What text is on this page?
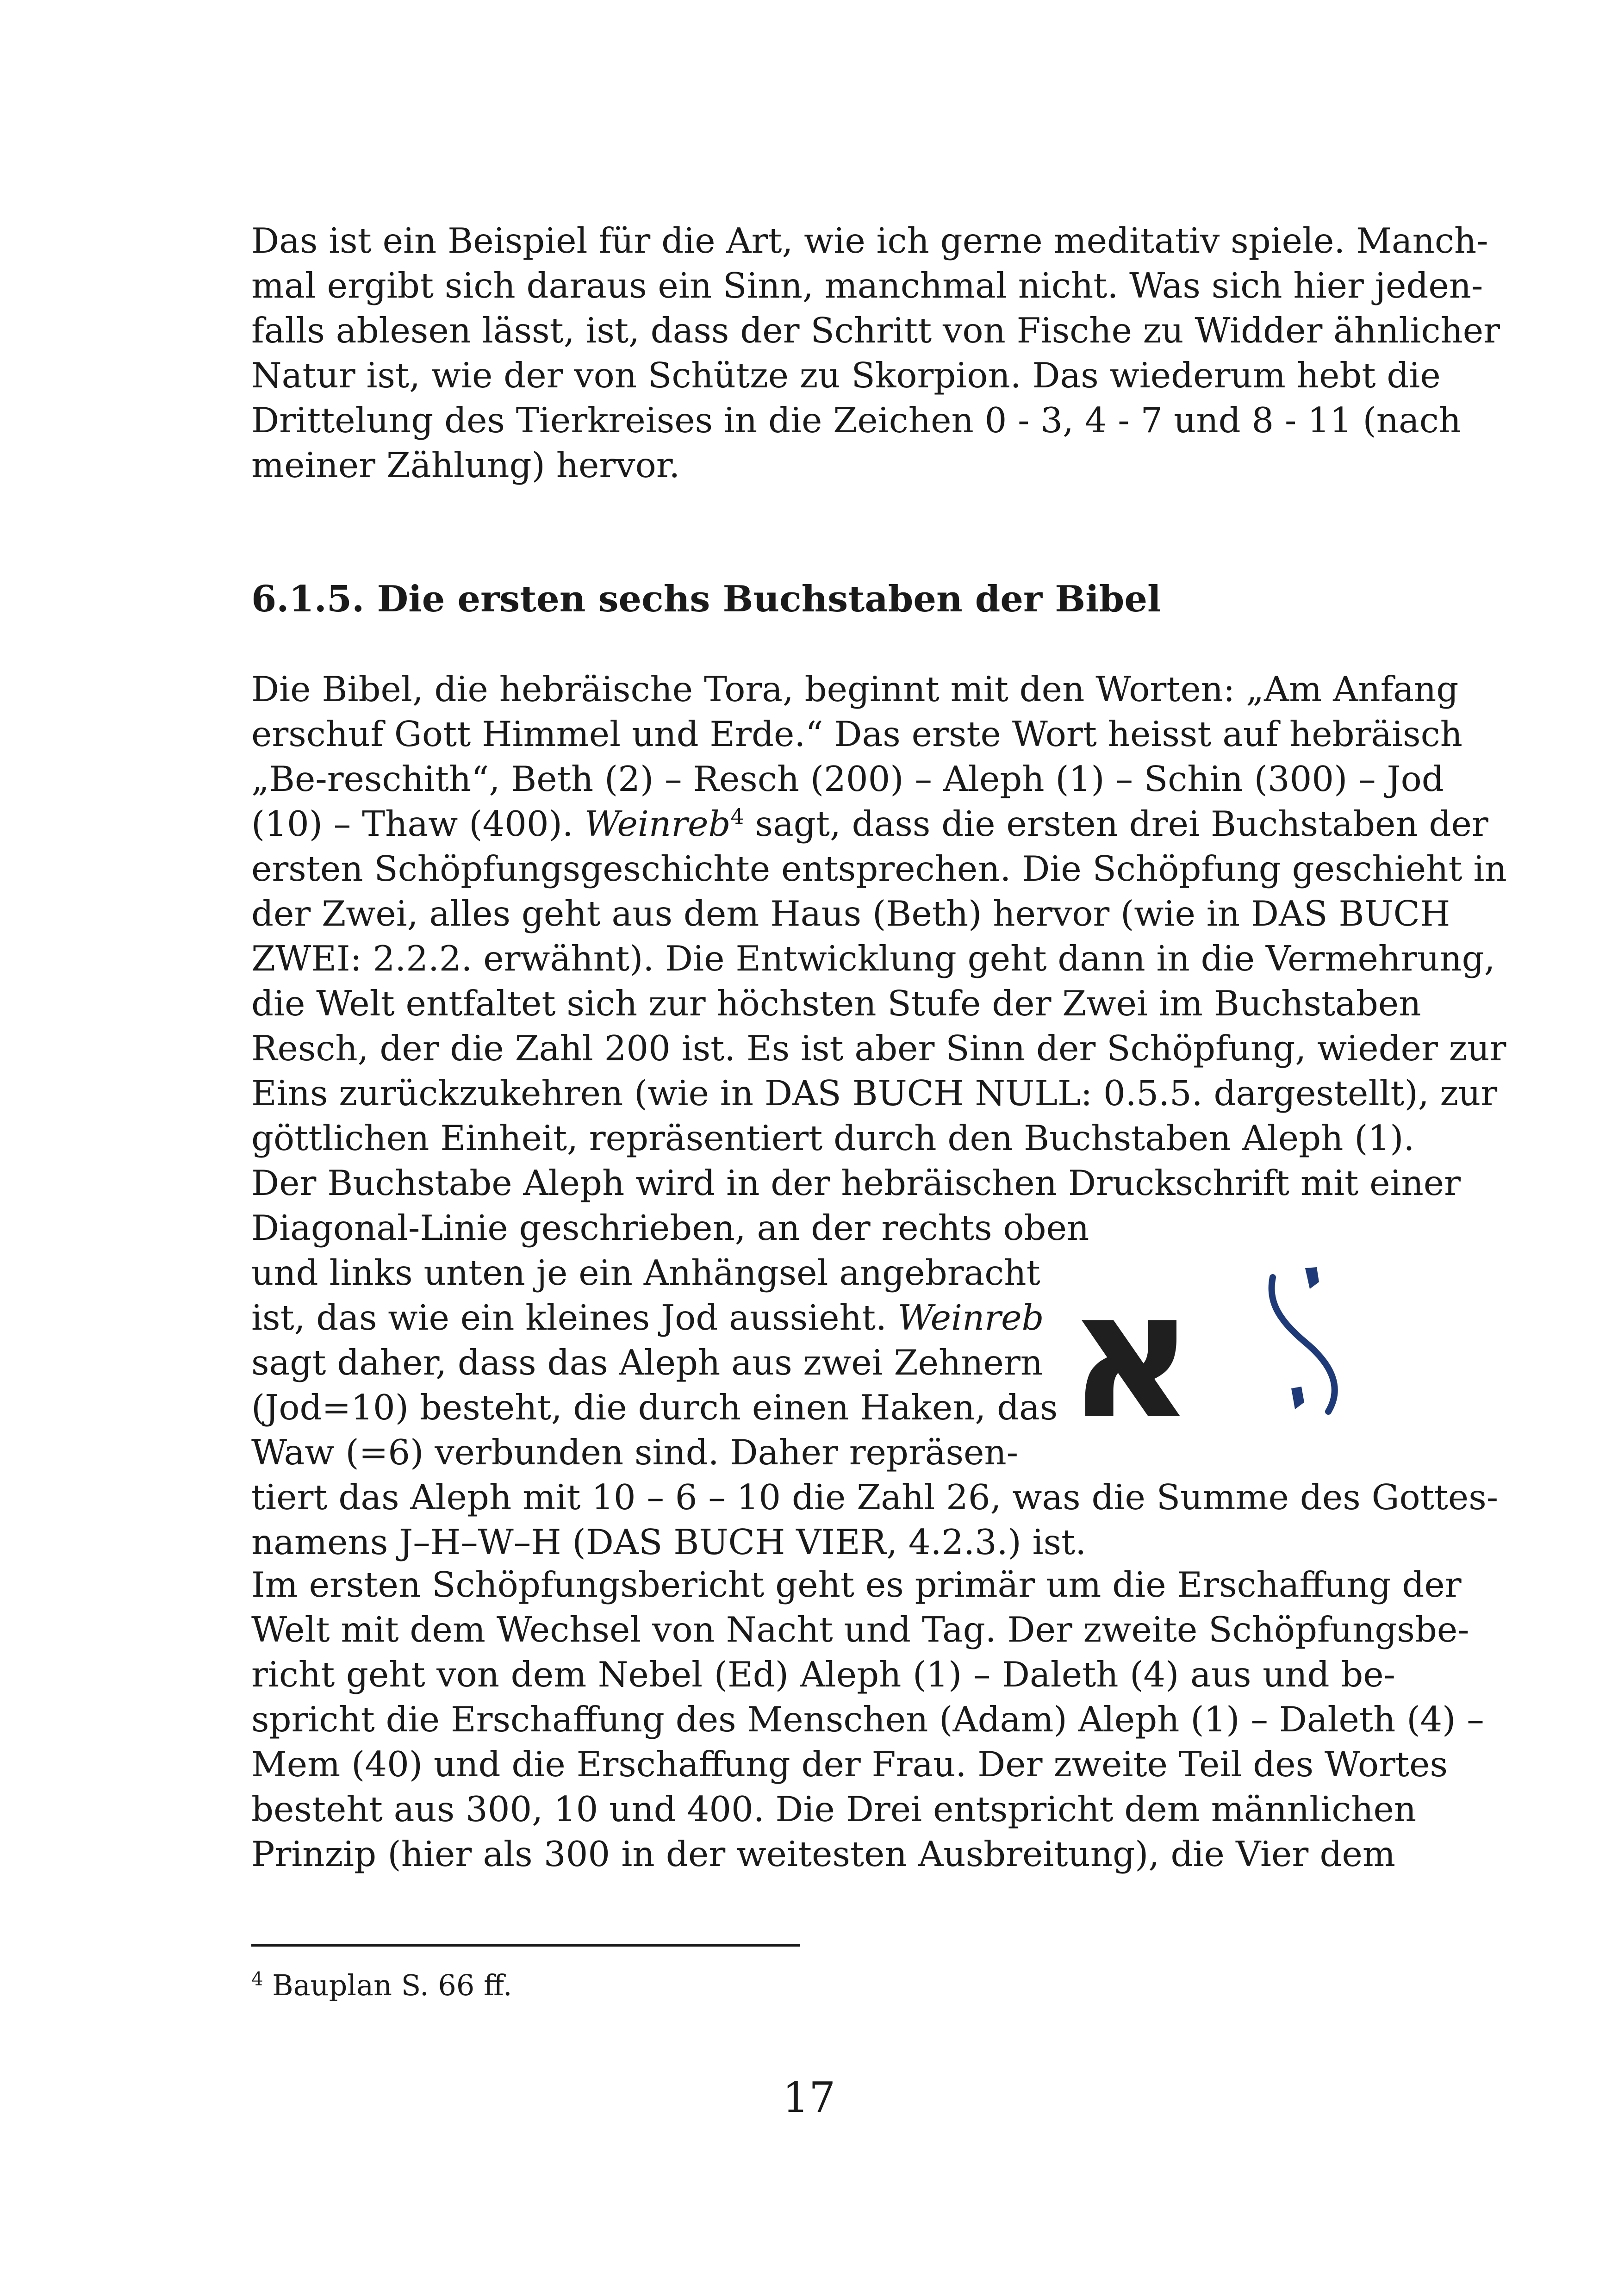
Das ist ein Beispiel für die Art, wie ich gerne meditativ spiele. Manch-
mal ergibt sich daraus ein Sinn, manchmal nicht. Was sich hier jeden-
falls ablesen lässt, ist, dass der Schritt von Fische zu Widder ähnlicher
Natur ist, wie der von Schütze zu Skorpion. Das wiederum hebt die
Drittelung des Tierkreises in die Zeichen 0 - 3, 4 - 7 und 8 - 11 (nach
meiner Zählung) hervor.
6.1.5. Die ersten sechs Buchstaben der Bibel
Die Bibel, die hebräische Tora, beginnt mit den Worten: „Am Anfang
erschuf Gott Himmel und Erde.“ Das erste Wort heisst auf hebräisch
„Be-reschith“, Beth (2) – Resch (200) – Aleph (1) – Schin (300) – Jod
(10) – Thaw (400). Weinreb$^4$ sagt, dass die ersten drei Buchstaben der
ersten Schöpfungsgeschichte entsprechen. Die Schöpfung geschieht in
der Zwei, alles geht aus dem Haus (Beth) hervor (wie in DAS BUCH
ZWEI: 2.2.2. erwähnt). Die Entwicklung geht dann in die Vermehrung,
die Welt entfaltet sich zur höchsten Stufe der Zwei im Buchstaben
Resch, der die Zahl 200 ist. Es ist aber Sinn der Schöpfung, wieder zur
Eins zurückzukehren (wie in DAS BUCH NULL: 0.5.5. dargestellt), zur
göttlichen Einheit, repräsentiert durch den Buchstaben Aleph (1).
Der Buchstabe Aleph wird in der hebräischen Druckschrift mit einer
Diagonal-Linie geschrieben, an der rechts oben
und links unten je ein Anhängsel angebracht
ist, das wie ein kleines Jod aussieht. Weinreb
sagt daher, dass das Aleph aus zwei Zehnern
(Jod=10) besteht, die durch einen Haken, das
Waw (=6) verbunden sind. Daher repräsen-
tiert das Aleph mit 10 – 6 – 10 die Zahl 26, was die Summe des Gottes-
namens J–H–W–H (DAS BUCH VIER, 4.2.3.) ist.
א
Im ersten Schöpfungsbericht geht es primär um die Erschaffung der
Welt mit dem Wechsel von Nacht und Tag. Der zweite Schöpfungsbe-
richt geht von dem Nebel (Ed) Aleph (1) – Daleth (4) aus und be-
spricht die Erschaffung des Menschen (Adam) Aleph (1) – Daleth (4) –
Mem (40) und die Erschaffung der Frau. Der zweite Teil des Wortes
besteht aus 300, 10 und 400. Die Drei entspricht dem männlichen
Prinzip (hier als 300 in der weitesten Ausbreitung), die Vier dem
$^4$ Bauplan S. 66 ff.
17
